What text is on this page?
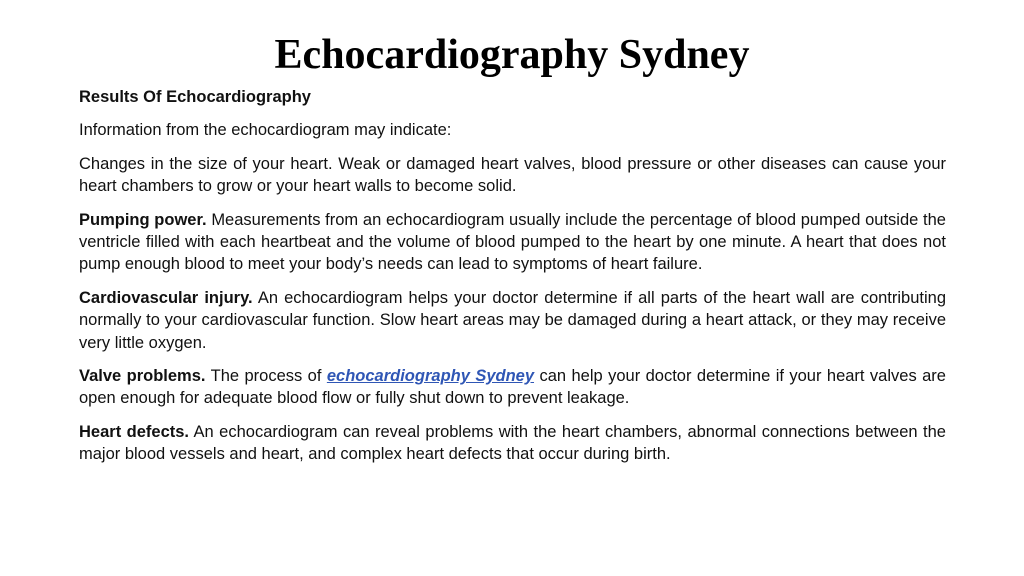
Echocardiography Sydney

Results Of Echocardiography

Information from the echocardiogram may indicate:

Changes in the size of your heart. Weak or damaged heart valves, blood pressure or other diseases can cause your heart chambers to grow or your heart walls to become solid.

Pumping power. Measurements from an echocardiogram usually include the percentage of blood pumped outside the ventricle filled with each heartbeat and the volume of blood pumped to the heart by one minute. A heart that does not pump enough blood to meet your body’s needs can lead to symptoms of heart failure.

Cardiovascular injury. An echocardiogram helps your doctor determine if all parts of the heart wall are contributing normally to your cardiovascular function. Slow heart areas may be damaged during a heart attack, or they may receive very little oxygen.

Valve problems. The process of echocardiography Sydney can help your doctor determine if your heart valves are open enough for adequate blood flow or fully shut down to prevent leakage.

Heart defects. An echocardiogram can reveal problems with the heart chambers, abnormal connections between the major blood vessels and heart, and complex heart defects that occur during birth.
